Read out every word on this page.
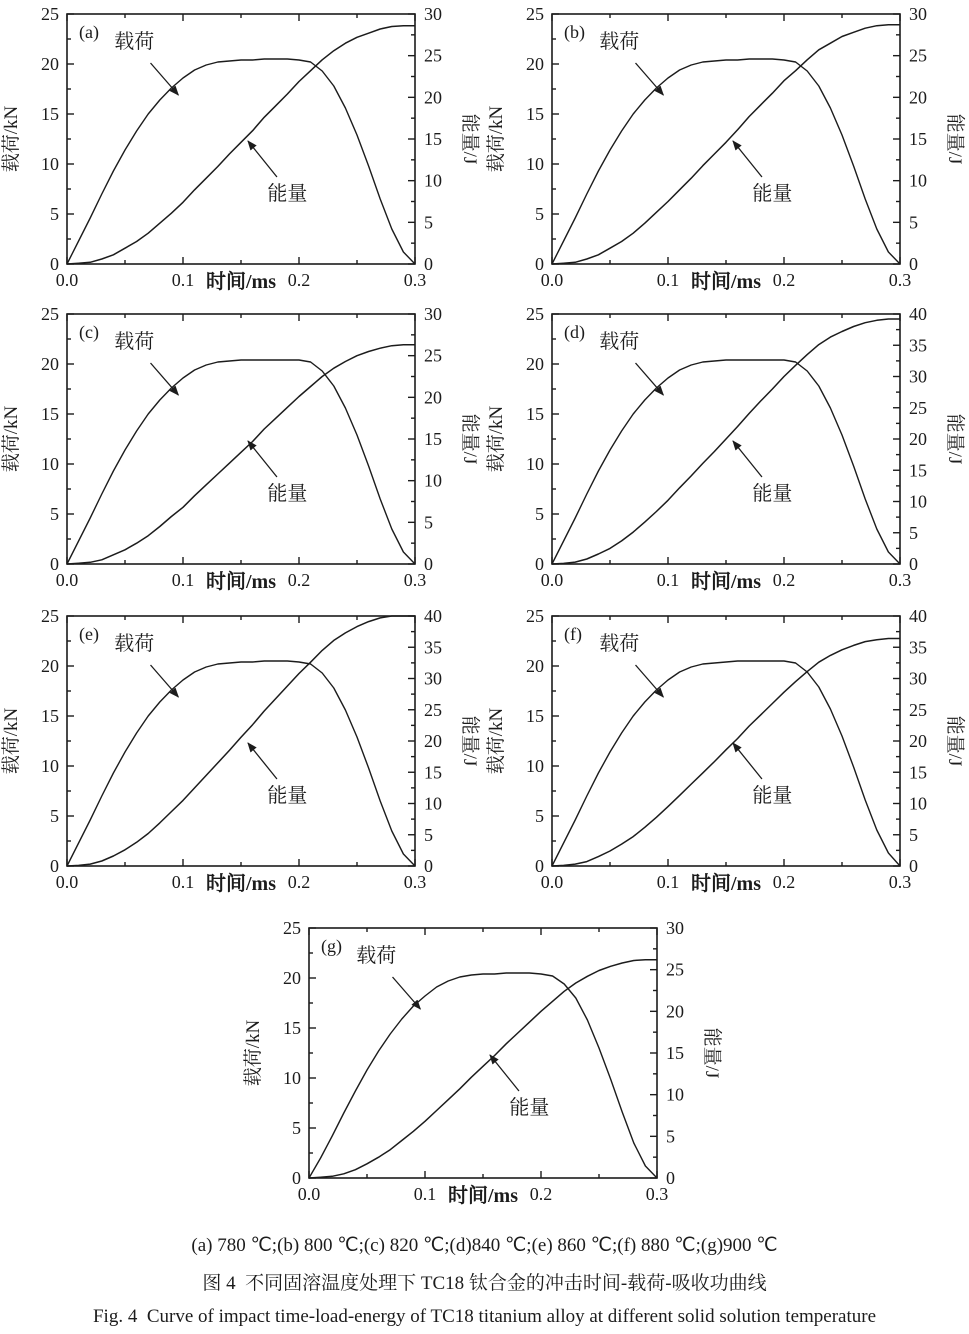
0.0	0.1	0.2	0.3
0
5
10
15
20
25
0
5
10
15
20
25
30
时间/ms
载荷/kN	能量/J
(a) 载荷
能量
0.0	0.1	0.2	0.3
0
5
10
15
20
25
0
5
10
15
20
25
30
时间/ms
载荷/kN	能量/J
(b) 载荷
能量
0.0	0.1	0.2	0.3
0
5
10
15
20
25
0
5
10
15
20
25
30
时间/ms
载荷/kN	能量/J
(c) 载荷
能量
0.0	0.1	0.2	0.3
0
5
10
15
20
25
0
5
10
15
20
25
30
35
40
时间/ms
载荷/kN	能量/J
(d) 载荷
能量
0.0	0.1	0.2	0.3
0
5
10
15
20
25
0
5
10
15
20
25
30
35
40
时间/ms
载荷/kN	能量/J
(e) 载荷
能量
0.0	0.1	0.2	0.3
0
5
10
15
20
25
0
5
10
15
20
25
30
35
40
时间/ms
载荷/kN	能量/J
(f) 载荷
能量
0.0	0.1	0.2	0.3
0
5
10
15
20
25
0
5
10
15
20
25
30
时间/ms
载荷/kN	能量/J
(g) 载荷
能量
(a) 780 ℃;(b) 800 ℃;(c) 820 ℃;(d)840 ℃;(e) 860 ℃;(f) 880 ℃;(g)900 ℃
图 4  不同固溶温度处理下 TC18 钛合金的冲击时间-载荷-吸收功曲线
Fig. 4  Curve of impact time-load-energy of TC18 titanium alloy at different solid solution temperature
